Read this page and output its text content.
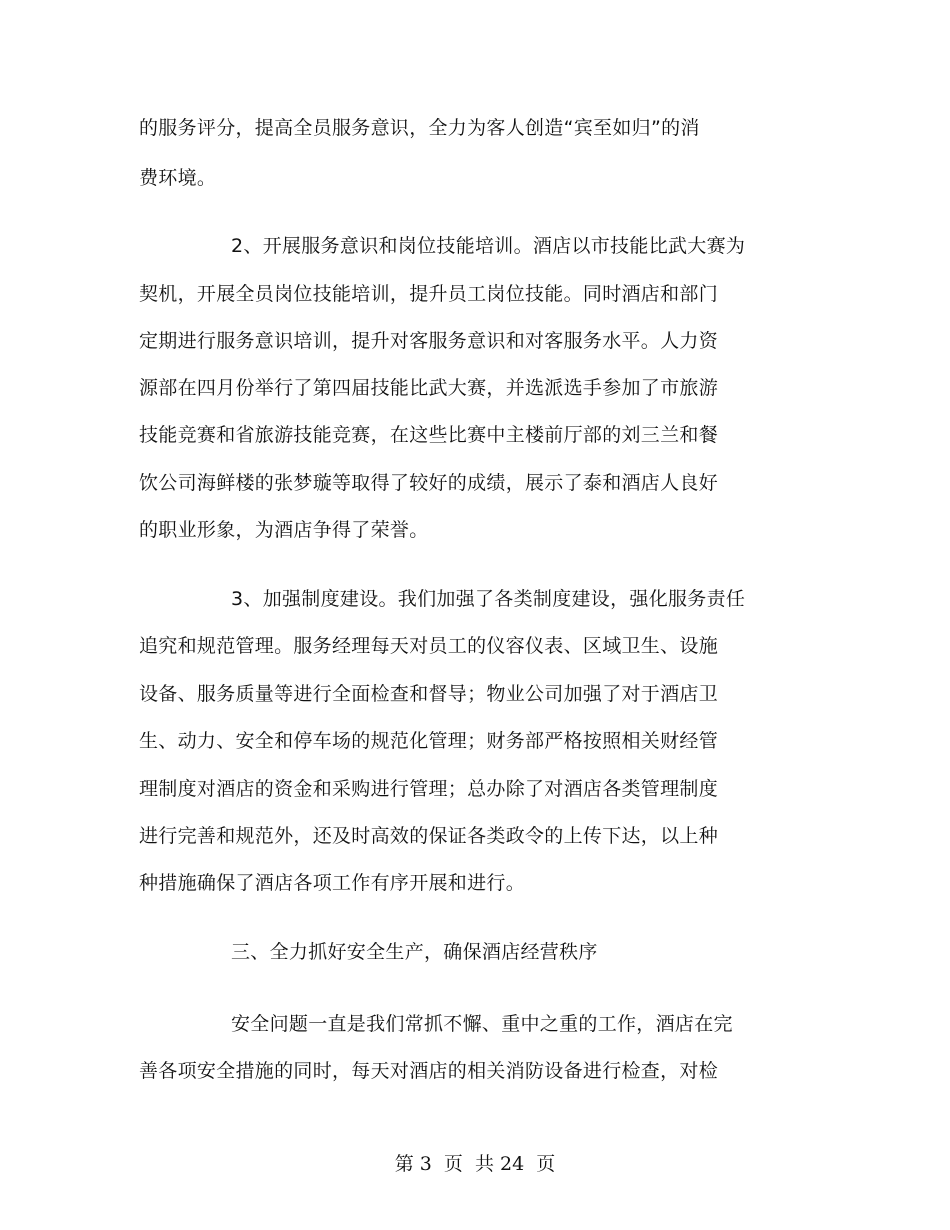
的服务评分，提高全员服务意识，全力为客人创造“宾至如归”的消
费环境。
2、开展服务意识和岗位技能培训。酒店以市技能比武大赛为
契机，开展全员岗位技能培训，提升员工岗位技能。同时酒店和部门
定期进行服务意识培训，提升对客服务意识和对客服务水平。人力资
源部在四月份举行了第四届技能比武大赛，并选派选手参加了市旅游
技能竞赛和省旅游技能竞赛，在这些比赛中主楼前厅部的刘三兰和餐
饮公司海鲜楼的张梦璇等取得了较好的成绩，展示了泰和酒店人良好
的职业形象，为酒店争得了荣誉。
3、加强制度建设。我们加强了各类制度建设，强化服务责任
追究和规范管理。服务经理每天对员工的仪容仪表、区域卫生、设施
设备、服务质量等进行全面检查和督导；物业公司加强了对于酒店卫
生、动力、安全和停车场的规范化管理；财务部严格按照相关财经管
理制度对酒店的资金和采购进行管理；总办除了对酒店各类管理制度
进行完善和规范外，还及时高效的保证各类政令的上传下达，以上种
种措施确保了酒店各项工作有序开展和进行。
三、全力抓好安全生产，确保酒店经营秩序
安全问题一直是我们常抓不懈、重中之重的工作，酒店在完
善各项安全措施的同时，每天对酒店的相关消防设备进行检查，对检
第 3  页  共 24  页
